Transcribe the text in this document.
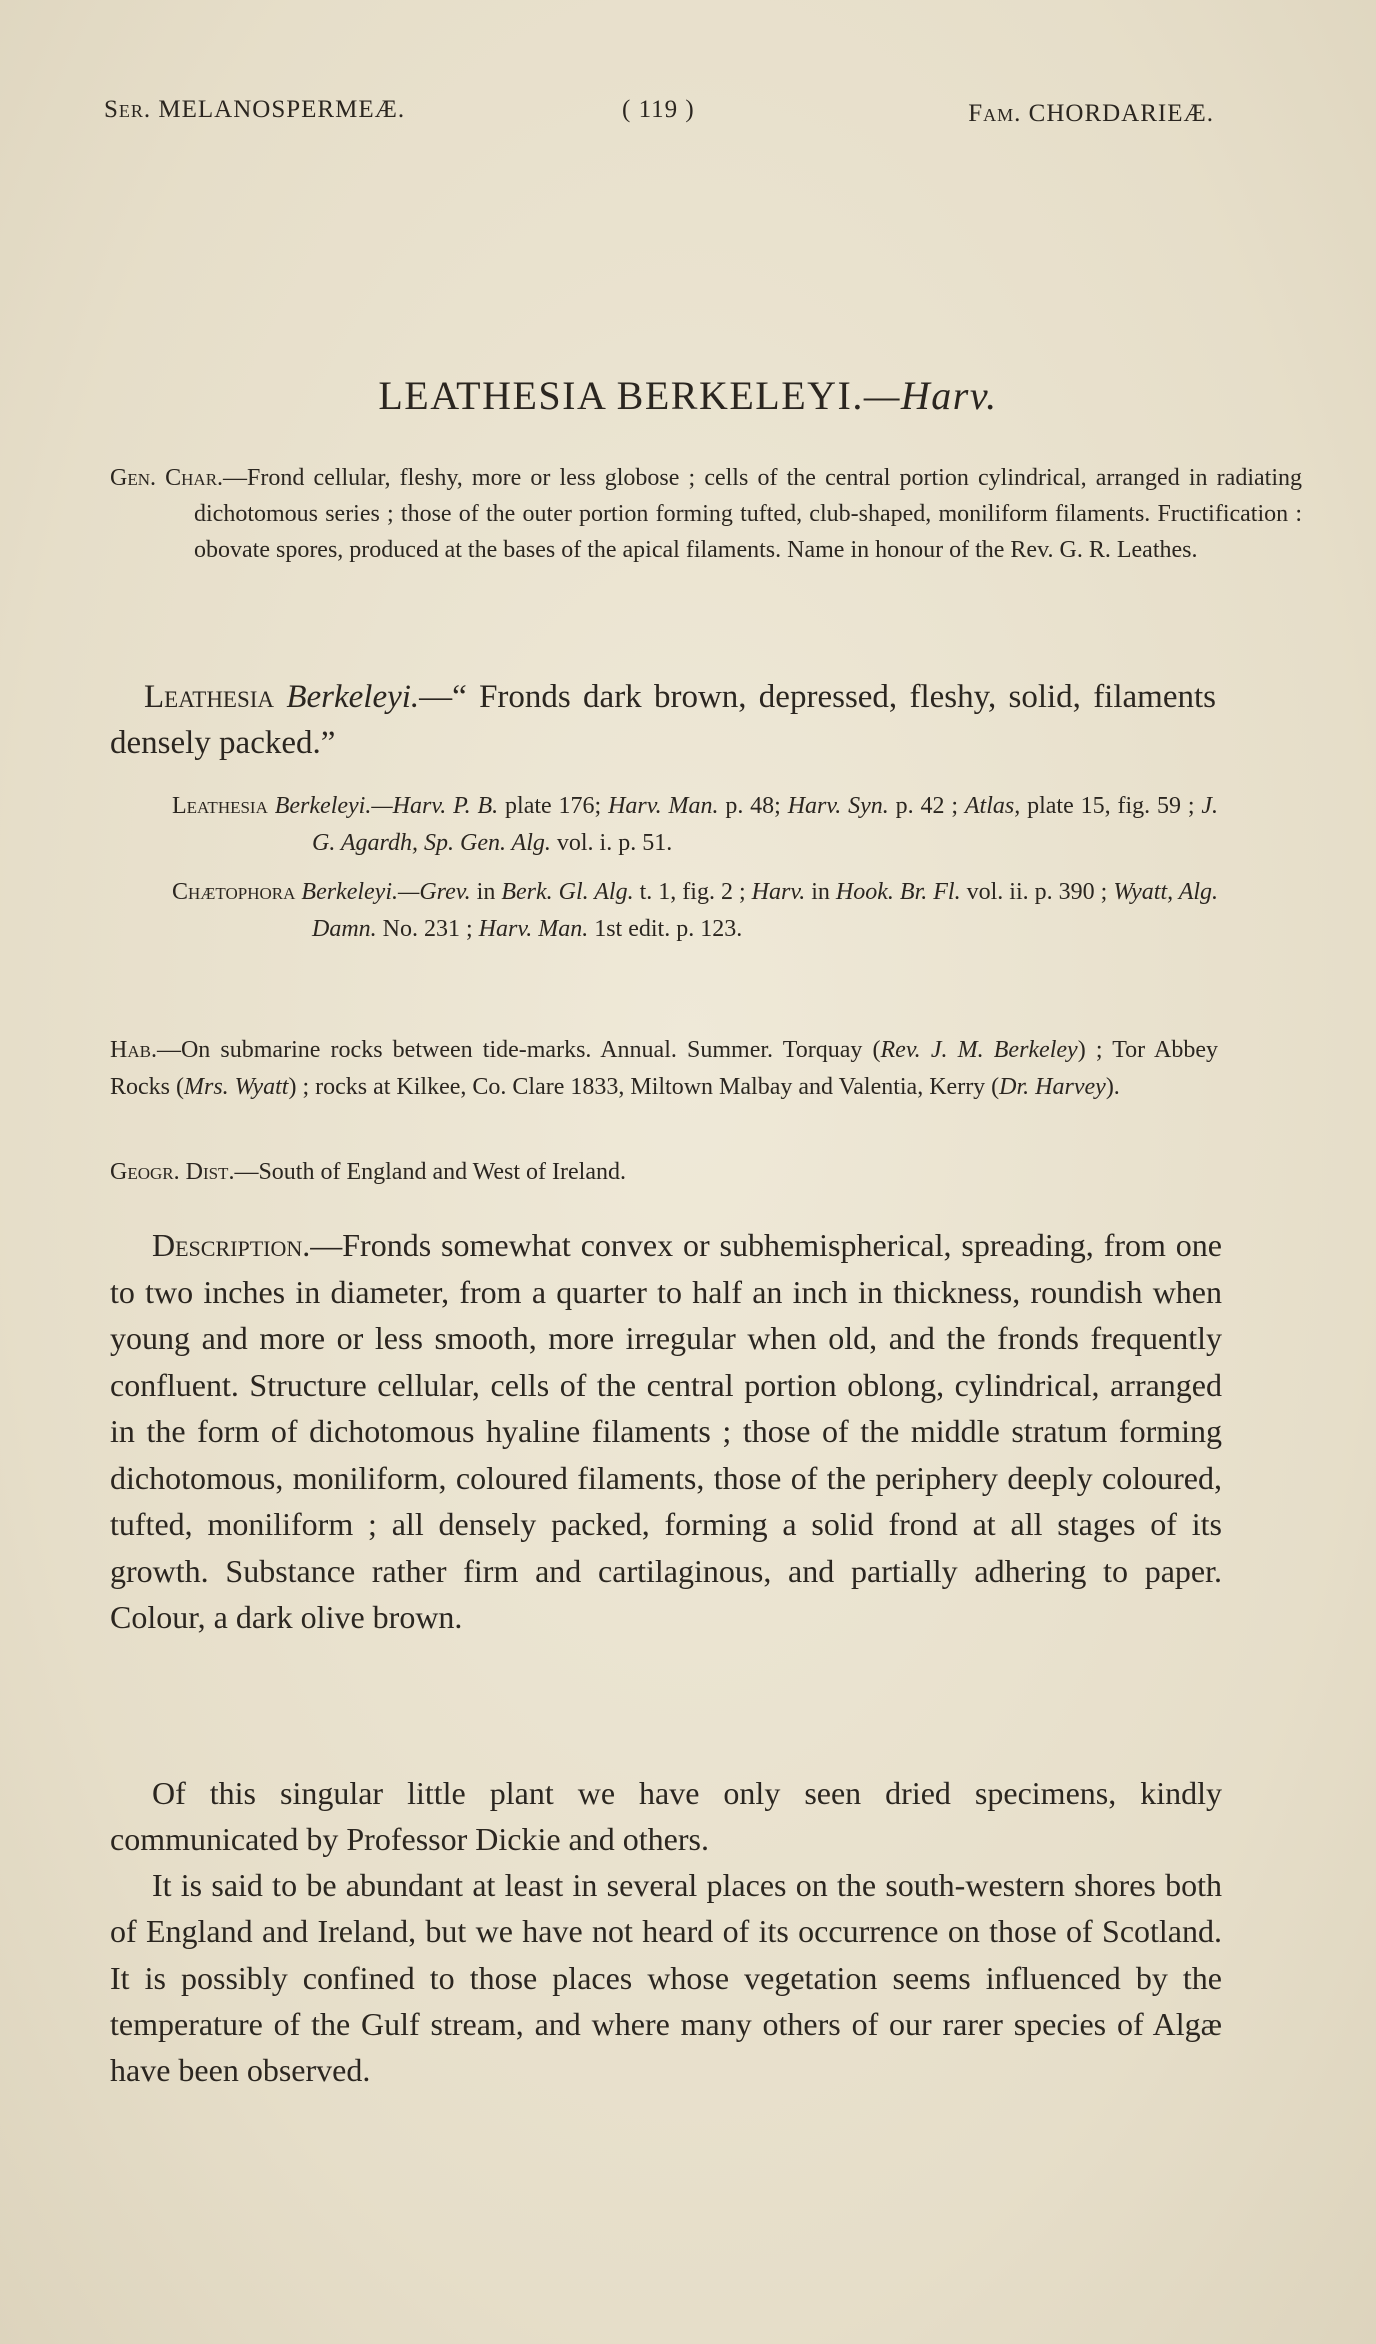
Ser. MELANOSPERMEÆ.	( 119 )	Fam. CHORDARIEÆ.
LEATHESIA BERKELEYI.—Harv.
Gen. Char.—Frond cellular, fleshy, more or less globose ; cells of the central portion cylindrical, arranged in radiating dichotomous series ; those of the outer portion forming tufted, club-shaped, moniliform filaments. Fructification : obovate spores, produced at the bases of the apical filaments. Name in honour of the Rev. G. R. Leathes.
Leathesia Berkeleyi.—“ Fronds dark brown, depressed, fleshy, solid, filaments densely packed.”
Leathesia Berkeleyi.—Harv. P. B. plate 176; Harv. Man. p. 48; Harv. Syn. p. 42 ; Atlas, plate 15, fig. 59 ; J. G. Agardh, Sp. Gen. Alg. vol. i. p. 51.
Chætophora Berkeleyi.—Grev. in Berk. Gl. Alg. t. 1, fig. 2 ; Harv. in Hook. Br. Fl. vol. ii. p. 390 ; Wyatt, Alg. Damn. No. 231 ; Harv. Man. 1st edit. p. 123.
Hab.—On submarine rocks between tide-marks. Annual. Summer. Torquay (Rev. J. M. Berkeley) ; Tor Abbey Rocks (Mrs. Wyatt) ; rocks at Kilkee, Co. Clare 1833, Miltown Malbay and Valentia, Kerry (Dr. Harvey).
Geogr. Dist.—South of England and West of Ireland.
Description.—Fronds somewhat convex or subhemispherical, spreading, from one to two inches in diameter, from a quarter to half an inch in thickness, roundish when young and more or less smooth, more irregular when old, and the fronds frequently confluent. Structure cellular, cells of the central portion oblong, cylindrical, arranged in the form of dichotomous hyaline filaments ; those of the middle stratum forming dichotomous, moniliform, coloured filaments, those of the periphery deeply coloured, tufted, moniliform ; all densely packed, forming a solid frond at all stages of its growth. Substance rather firm and cartilaginous, and partially adhering to paper. Colour, a dark olive brown.
Of this singular little plant we have only seen dried specimens, kindly communicated by Professor Dickie and others.
It is said to be abundant at least in several places on the south-western shores both of England and Ireland, but we have not heard of its occurrence on those of Scotland. It is possibly confined to those places whose vegetation seems influenced by the temperature of the Gulf stream, and where many others of our rarer species of Algæ have been observed.
